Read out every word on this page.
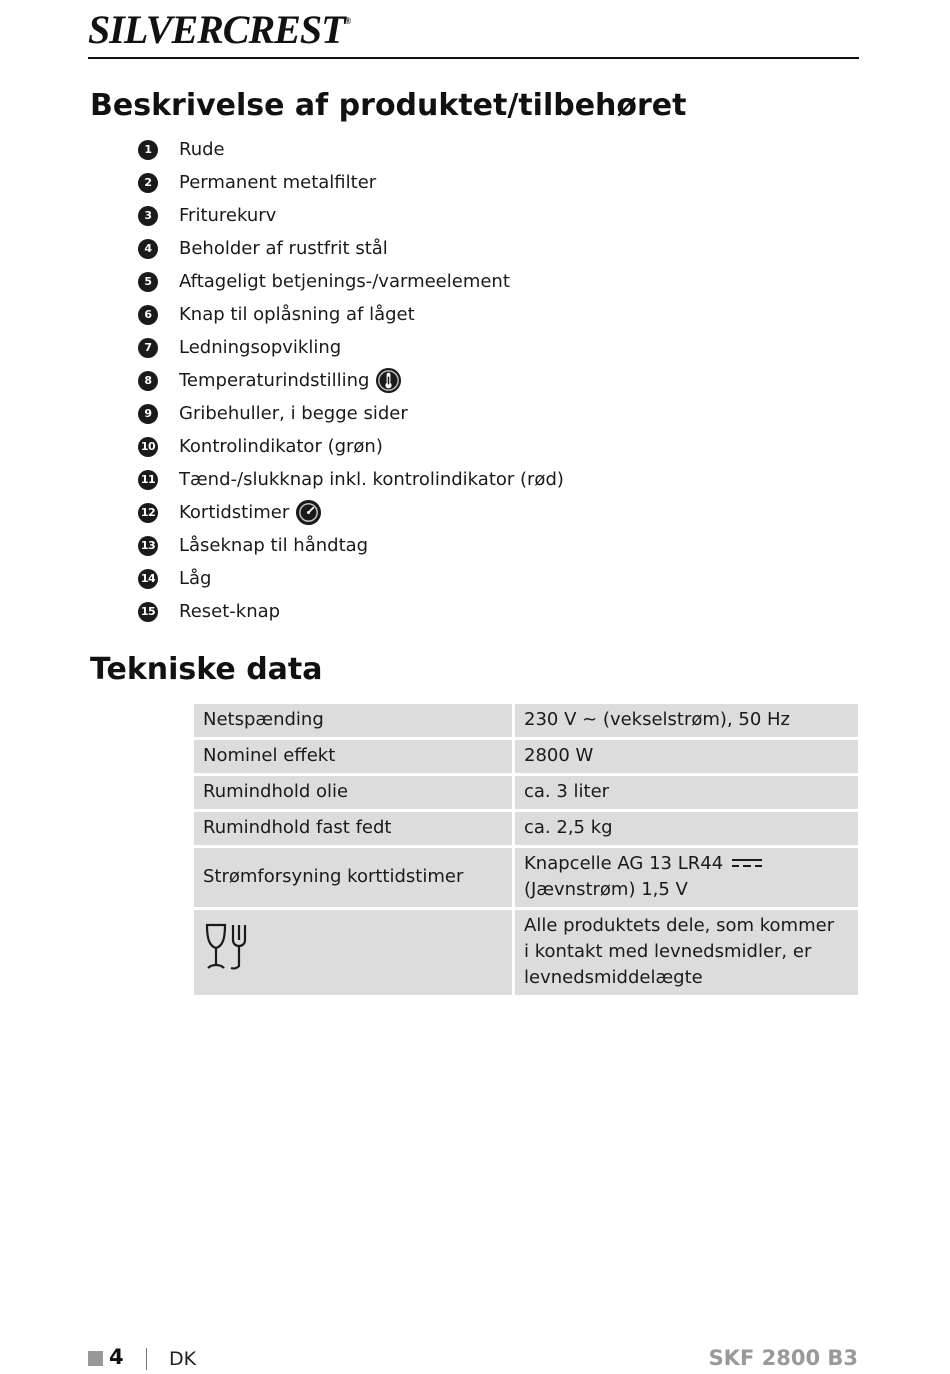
SILVERCREST®
Beskrivelse af produktet/tilbehøret
1	Rude
2	Permanent metalfilter
3	Friturekurv
4	Beholder af rustfrit stål
5	Aftageligt betjenings-/varmeelement
6	Knap til oplåsning af låget
7	Ledningsopvikling
8	Temperaturindstilling
9	Gribehuller, i begge sider
10 Kontrolindikator (grøn)
11 Tænd-/slukknap inkl. kontrolindikator (rød)
12 Kortidstimer
13 Låseknap til håndtag
14 Låg
15 Reset-knap
Tekniske data
Netspænding	230 V ~ (vekselstrøm), 50 Hz
Nominel effekt	2800 W
Rumindhold olie	ca. 3 liter
Rumindhold fast fedt	ca. 2,5 kg
Strømforsyning korttidstimer	Knapcelle AG 13 LR44
(Jævnstrøm) 1,5 V
	Alle produktets dele, som kommer
i kontakt med levnedsmidler, er
levnedsmiddelægte
4 DK	SKF 2800 B3
